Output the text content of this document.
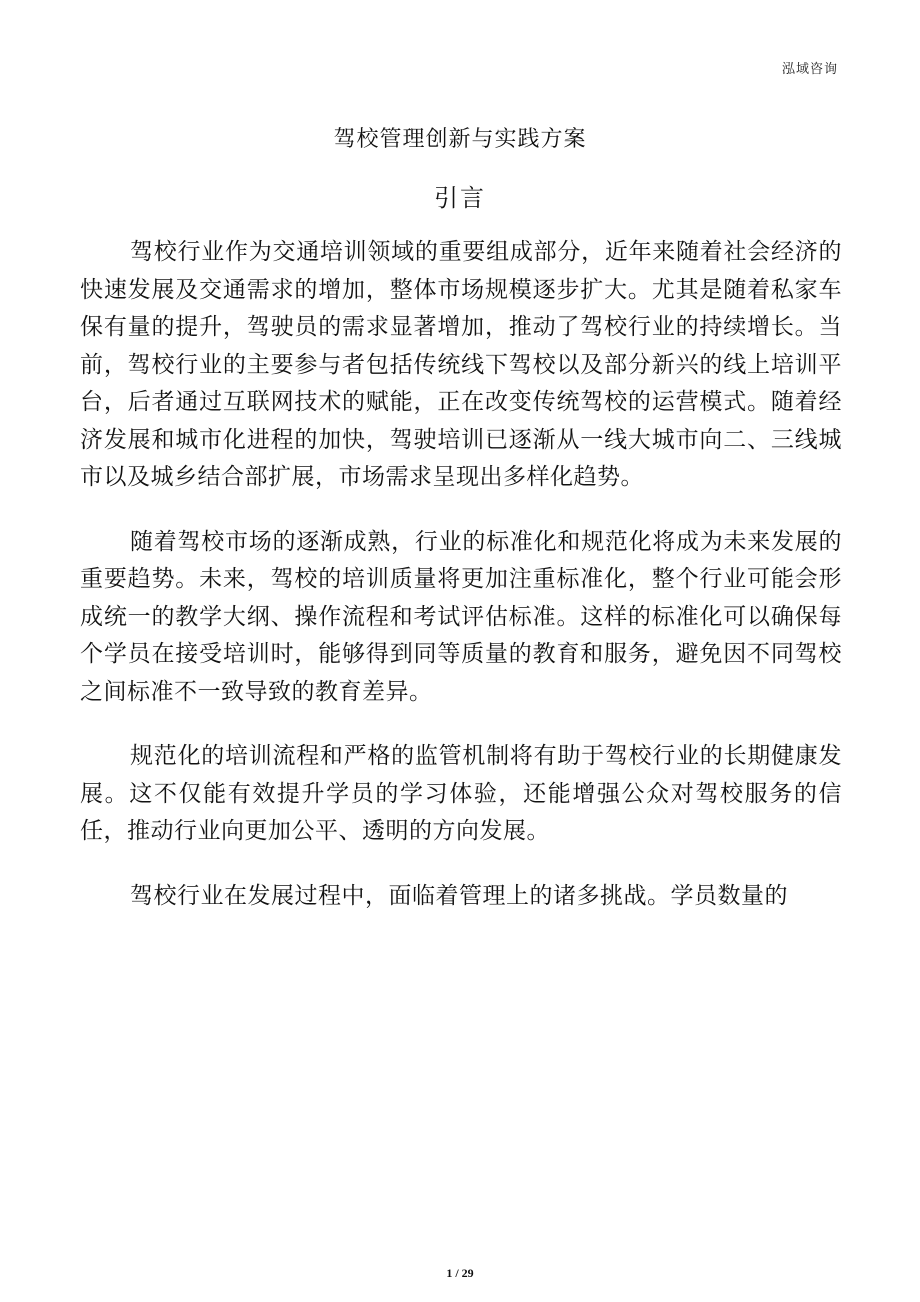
泓域咨询
驾校管理创新与实践方案
引言

驾校行业作为交通培训领域的重要组成部分，近年来随着社会经济的快速发展及交通需求的增加，整体市场规模逐步扩大。尤其是随着私家车保有量的提升，驾驶员的需求显著增加，推动了驾校行业的持续增长。当前，驾校行业的主要参与者包括传统线下驾校以及部分新兴的线上培训平台，后者通过互联网技术的赋能，正在改变传统驾校的运营模式。随着经济发展和城市化进程的加快，驾驶培训已逐渐从一线大城市向二、三线城市以及城乡结合部扩展，市场需求呈现出多样化趋势。

随着驾校市场的逐渐成熟，行业的标准化和规范化将成为未来发展的重要趋势。未来，驾校的培训质量将更加注重标准化，整个行业可能会形成统一的教学大纲、操作流程和考试评估标准。这样的标准化可以确保每个学员在接受培训时，能够得到同等质量的教育和服务，避免因不同驾校之间标准不一致导致的教育差异。

规范化的培训流程和严格的监管机制将有助于驾校行业的长期健康发展。这不仅能有效提升学员的学习体验，还能增强公众对驾校服务的信任，推动行业向更加公平、透明的方向发展。

驾校行业在发展过程中，面临着管理上的诸多挑战。学员数量的

1 / 29
